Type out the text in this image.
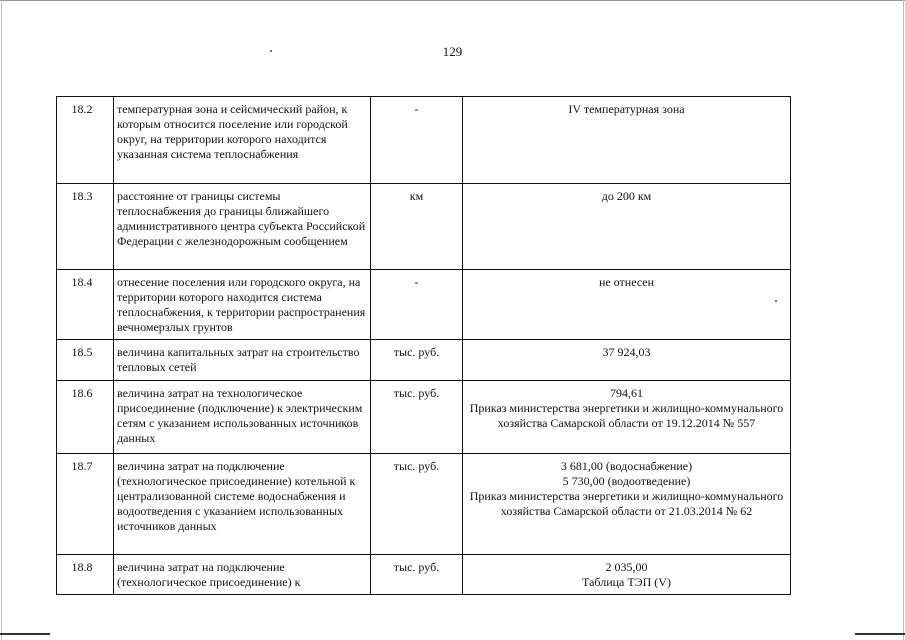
129
18.2	температурная зона и сейсмический район, к которым относится поселение или городской округ, на территории которого находится указанная система теплоснабжения	-	IV температурная зона

18.3	расстояние от границы системы теплоснабжения до границы ближайшего административного центра субъекта Российской Федерации с железнодорожным сообщением	км	до 200 км

18.4	отнесение поселения или городского округа, на территории которого находится система теплоснабжения, к территории распространения вечномерзлых грунтов	-	не отнесен

18.5	величина капитальных затрат на строительство тепловых сетей	тыс. руб.	37 924,03

18.6	величина затрат на технологическое присоединение (подключение) к электрическим сетям с указанием использованных источников данных	тыс. руб.	794,61
Приказ министерства энергетики и жилищно-коммунального хозяйства Самарской области от 19.12.2014 № 557

18.7	величина затрат на подключение (технологическое присоединение) котельной к централизованной системе водоснабжения и водоотведения с указанием использованных источников данных	тыс. руб.	3 681,00 (водоснабжение)
5 730,00 (водоотведение)
Приказ министерства энергетики и жилищно-коммунального хозяйства Самарской области от 21.03.2014 № 62

18.8	величина затрат на подключение (технологическое присоединение) к	тыс. руб.	2 035,00
Таблица ТЭП (V)
